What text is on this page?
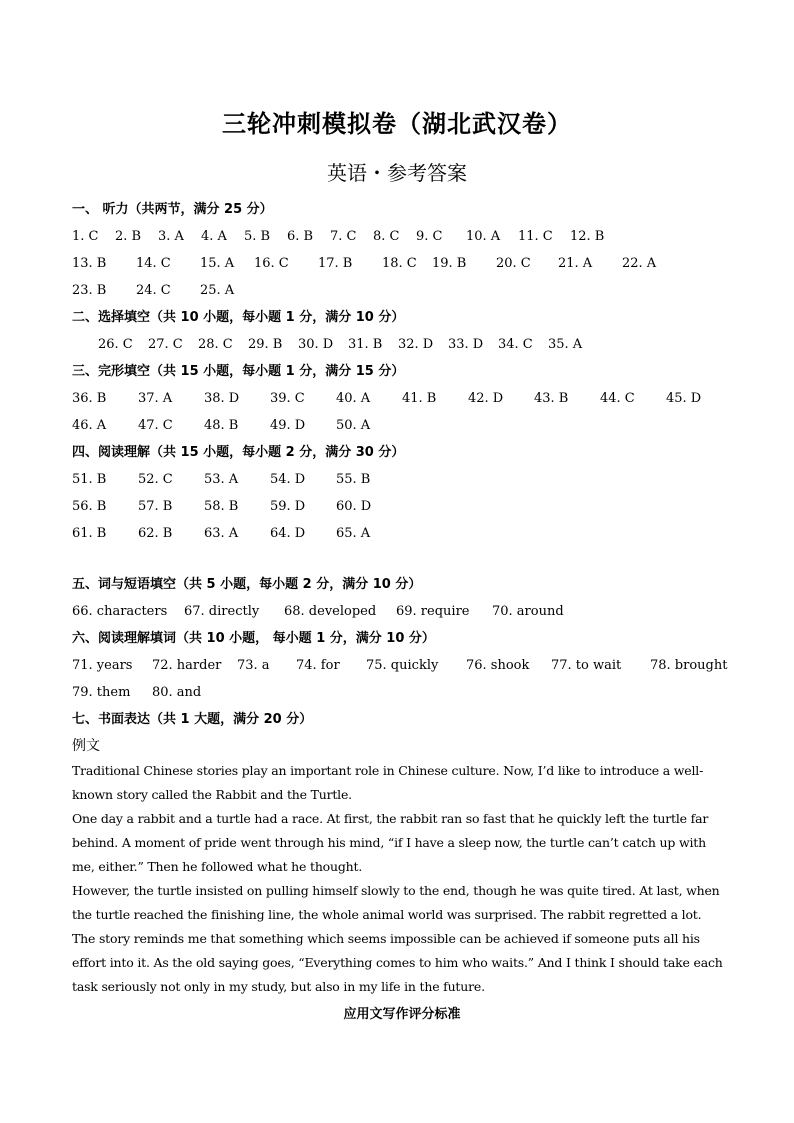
三轮冲刺模拟卷（湖北武汉卷）
英语・参考答案
一、 听力（共两节，满分 25 分）
1. C	2. B	3. A	4. A	5. B	6. B	7. C	8. C	9. C	10. A	11. C	12. B
13. B	14. C	15. A	16. C	17. B	18. C	19. B	20. C	21. A	22. A
23. B	24. C	25. A
二、选择填空（共 10 小题，每小题 1 分，满分 10 分）
26. C	27. C	28. C	29. B	30. D	31. B	32. D	33. D	34. C	35. A
三、完形填空（共 15 小题，每小题 1 分，满分 15 分）
36. B	37. A	38. D	39. C	40. A	41. B	42. D	43. B	44. C	45. D
46. A	47. C	48. B	49. D	50. A
四、阅读理解（共 15 小题，每小题 2 分，满分 30 分）
51. B	52. C	53. A	54. D	55. B
56. B	57. B	58. B	59. D	60. D
61. B	62. B	63. A	64. D	65. A
五、词与短语填空（共 5 小题，每小题 2 分，满分 10 分）
66. characters	67. directly	68. developed	69. require	70. around
六、阅读理解填词（共 10 小题， 每小题 1 分，满分 10 分）
71. years	72. harder	73. a	74. for	75. quickly	76. shook	77. to wait	78. brought
79. them	80. and
七、书面表达（共 1 大题，满分 20 分）
例文

Traditional Chinese stories play an important role in Chinese culture. Now, I’d like to introduce a well-known story called the Rabbit and the Turtle.

One day a rabbit and a turtle had a race. At first, the rabbit ran so fast that he quickly left the turtle far behind. A moment of pride went through his mind, “if I have a sleep now, the turtle can’t catch up with me, either.” Then he followed what he thought.

However, the turtle insisted on pulling himself slowly to the end, though he was quite tired. At last, when the turtle reached the finishing line, the whole animal world was surprised. The rabbit regretted a lot.

The story reminds me that something which seems impossible can be achieved if someone puts all his effort into it. As the old saying goes, “Everything comes to him who waits.” And I think I should take each task seriously not only in my study, but also in my life in the future.

应用文写作评分标准
